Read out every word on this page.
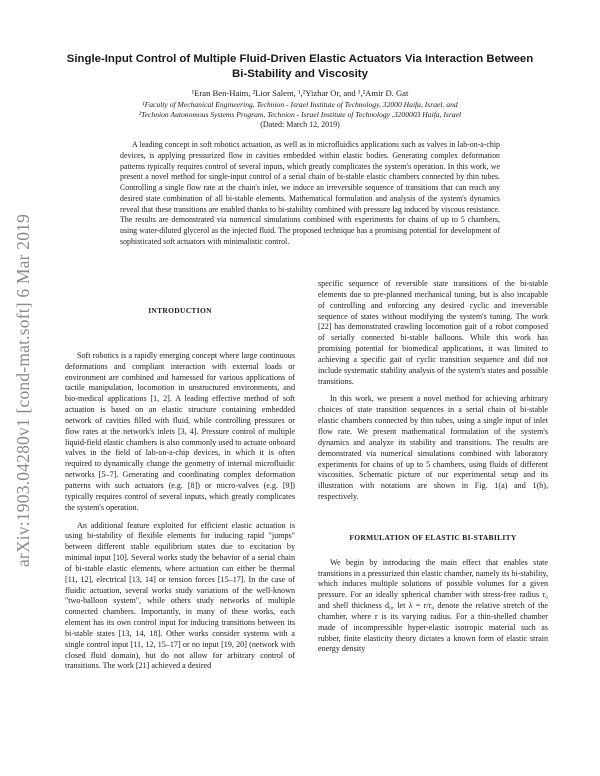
arXiv:1903.04280v1 [cond-mat.soft] 6 Mar 2019
Single-Input Control of Multiple Fluid-Driven Elastic Actuators Via Interaction Between Bi-Stability and Viscosity
¹Eran Ben-Haim, ²Lior Salem, ¹,²Yizhar Or, and ¹,²Amir D. Gat
¹Faculty of Mechanical Engineering, Technion - Israel Institute of Technology, 32000 Haifa, Israel. and
²Technion Autonomous Systems Program, Technion - Israel Institute of Technology ,3200003 Haifa, Israel
(Dated: March 12, 2019)

A leading concept in soft robotics actuation, as well as in microfluidics applications such as valves in lab-on-a-chip devices, is applying pressurized flow in cavities embedded within elastic bodies. Generating complex deformation patterns typically requires control of several inputs, which greatly complicates the system's operation. In this work, we present a novel method for single-input control of a serial chain of bi-stable elastic chambers connected by thin tubes. Controlling a single flow rate at the chain's inlet, we induce an irreversible sequence of transitions that can reach any desired state combination of all bi-stable elements. Mathematical formulation and analysis of the system's dynamics reveal that these transitions are enabled thanks to bi-stability combined with pressure lag induced by viscous resistance. The results are demonstrated via numerical simulations combined with experiments for chains of up to 5 chambers, using water-diluted glycerol as the injected fluid. The proposed technique has a promising potential for development of sophisticated soft actuators with minimalistic control.

INTRODUCTION

Soft robotics is a rapidly emerging concept where large continuous deformations and compliant interaction with external loads or environment are combined and harnessed for various applications of tactile manipulation, locomotion in unstructured environments, and bio-medical applications [1, 2]. A leading effective method of soft actuation is based on an elastic structure containing embedded network of cavities filled with fluid, while controlling pressures or flow rates at the network's inlets [3, 4]. Pressure control of multiple liquid-field elastic chambers is also commonly used to actuate onboard valves in the field of lab-on-a-chip devices, in which it is often required to dynamically change the geometry of internal microfluidic networks [5–7]. Generating and coordinating complex deformation patterns with such actuators (e.g. [8]) or micro-valves (e.g. [9]) typically requires control of several inputs, which greatly complicates the system's operation.

An additional feature exploited for efficient elastic actuation is using bi-stability of flexible elements for inducing rapid "jumps" between different stable equilibrium states due to excitation by minimal input [10]. Several works study the behavior of a serial chain of bi-stable elastic elements, where actuation can either be thermal [11, 12], electrical [13, 14] or tension forces [15–17]. In the case of fluidic actuation, several works study variations of the well-known "two-balloon system", while others study networks of multiple connected chambers. Importantly, in many of these works, each element has its own control input for inducing transitions between its bi-stable states [13, 14, 18]. Other works consider systems with a single control input [11, 12, 15–17] or no input [19, 20] (network with closed fluid domain), but do not allow for arbitrary control of transitions. The work [21] achieved a desired

specific sequence of reversible state transitions of the bi-stable elements due to pre-planned mechanical tuning, but is also incapable of controlling and enforcing any desired cyclic and irreversible sequence of states without modifying the system's tuning. The work [22] has demonstrated crawling locomotion gait of a robot composed of serially connected bi-stable balloons. While this work has promising potential for biomedical applications, it was limited to achieving a specific gait of cyclic transition sequence and did not include systematic stability analysis of the system's states and possible transitions.

In this work, we present a novel method for achieving arbitrary choices of state transition sequences in a serial chain of bi-stable elastic chambers connected by thin tubes, using a single input of inlet flow rate. We present mathematical formulation of the system's dynamics and analyze its stability and transitions. The results are demonstrated via numerical simulations combined with laboratory experiments for chains of up to 5 chambers, using fluids of different viscosities. Schematic picture of our experimental setup and its illustration with notations are shown in Fig. 1(a) and 1(b), respectively.

FORMULATION OF ELASTIC BI-STABILITY

We begin by introducing the main effect that enables state transitions in a pressurized thin elastic chamber, namely its bi-stability, which induces multiple solutions of possible volumes for a given pressure. For an ideally spherical chamber with stress-free radius r₀ and shell thickness d₀, let λ = r/r₀ denote the relative stretch of the chamber, where r is its varying radius. For a thin-shelled chamber made of incompressible hyper-elastic isotropic material such as rubber, finite elasticity theory dictates a known form of elastic strain energy density
